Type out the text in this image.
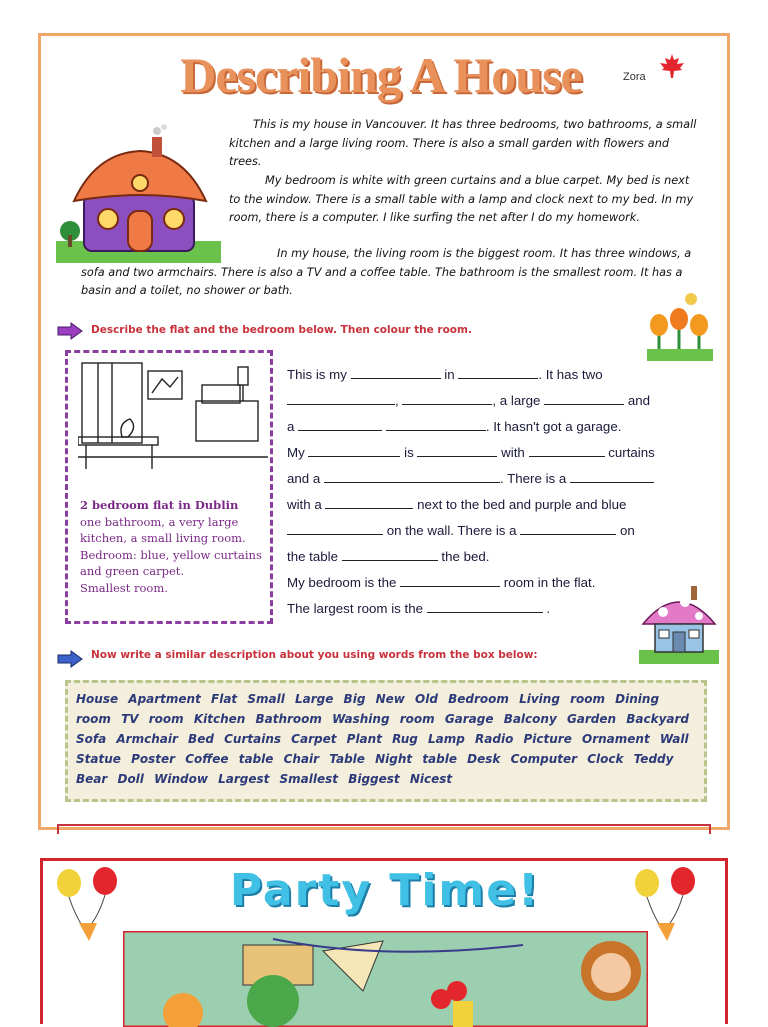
Describing A House	Zora
This is my house in Vancouver. It has three bedrooms, two bathrooms, a small kitchen and a large living room. There is also a small garden with flowers and trees.
My bedroom is white with green curtains and a blue carpet. My bed is next to the window. There is a small table with a lamp and clock next to my bed. In my room, there is a computer. I like surfing the net after I do my homework.
In my house, the living room is the biggest room. It has three windows, a sofa and two armchairs. There is also a TV and a coffee table. The bathroom is the smallest room. It has a basin and a toilet, no shower or bath.
Describe the flat and the bedroom below. Then colour the room.
2 bedroom flat in Dublin
one bathroom, a very large kitchen, a small living room.
Bedroom: blue, yellow curtains and green carpet.
Smallest room.
This is my	in	. It has two
,	, a large	and
a	. It hasn't got a garage.
My	is	with	curtains
and a	. There is a
with a	next to the bed and purple and blue
on the wall. There is a	on
the table	the bed.
My bedroom is the	room in the flat.
The largest room is the	.
Now write a similar description about you using words from the box below:
House Apartment Flat Small Large Big New Old Bedroom Living room Dining room TV room Kitchen Bathroom Washing room Garage Balcony Garden Backyard Sofa Armchair Bed Curtains Carpet Plant Rug Lamp Radio Picture Ornament Wall Statue Poster Coffee table Chair Table Night table Desk Computer Clock Teddy Bear Doll Window Largest Smallest Biggest Nicest
Party Time!
